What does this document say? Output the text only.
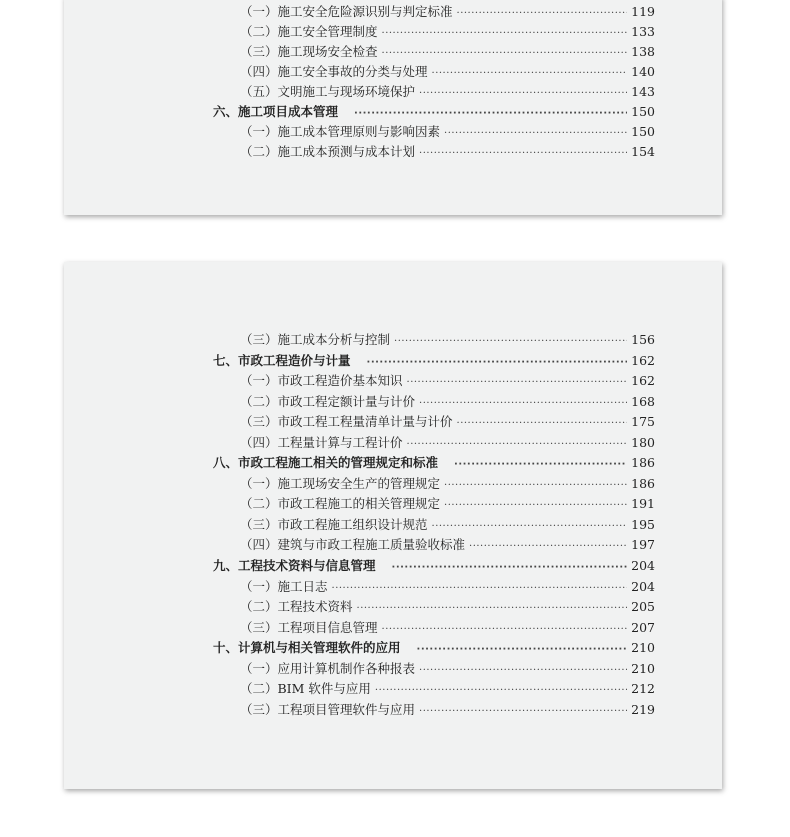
（一）施工安全危险源识别与判定标准 ·····	119
（二）施工安全管理制度 ·····	133
（三）施工现场安全检查 ·····	138
（四）施工安全事故的分类与处理 ·····	140
（五）文明施工与现场环境保护 ·····	143
六、施工项目成本管理 ·····	150
（一）施工成本管理原则与影响因素 ·····	150
（二）施工成本预测与成本计划 ·····	154
（三）施工成本分析与控制 ·····	156
七、市政工程造价与计量 ·····	162
（一）市政工程造价基本知识 ·····	162
（二）市政工程定额计量与计价 ·····	168
（三）市政工程工程量清单计量与计价 ·····	175
（四）工程量计算与工程计价 ·····	180
八、市政工程施工相关的管理规定和标准 ·····	186
（一）施工现场安全生产的管理规定 ·····	186
（二）市政工程施工的相关管理规定 ·····	191
（三）市政工程施工组织设计规范 ·····	195
（四）建筑与市政工程施工质量验收标准 ·····	197
九、工程技术资料与信息管理 ·····	204
（一）施工日志 ·····	204
（二）工程技术资料 ·····	205
（三）工程项目信息管理 ·····	207
十、计算机与相关管理软件的应用 ·····	210
（一）应用计算机制作各种报表 ·····	210
（二）BIM 软件与应用 ·····	212
（三）工程项目管理软件与应用 ·····	219
